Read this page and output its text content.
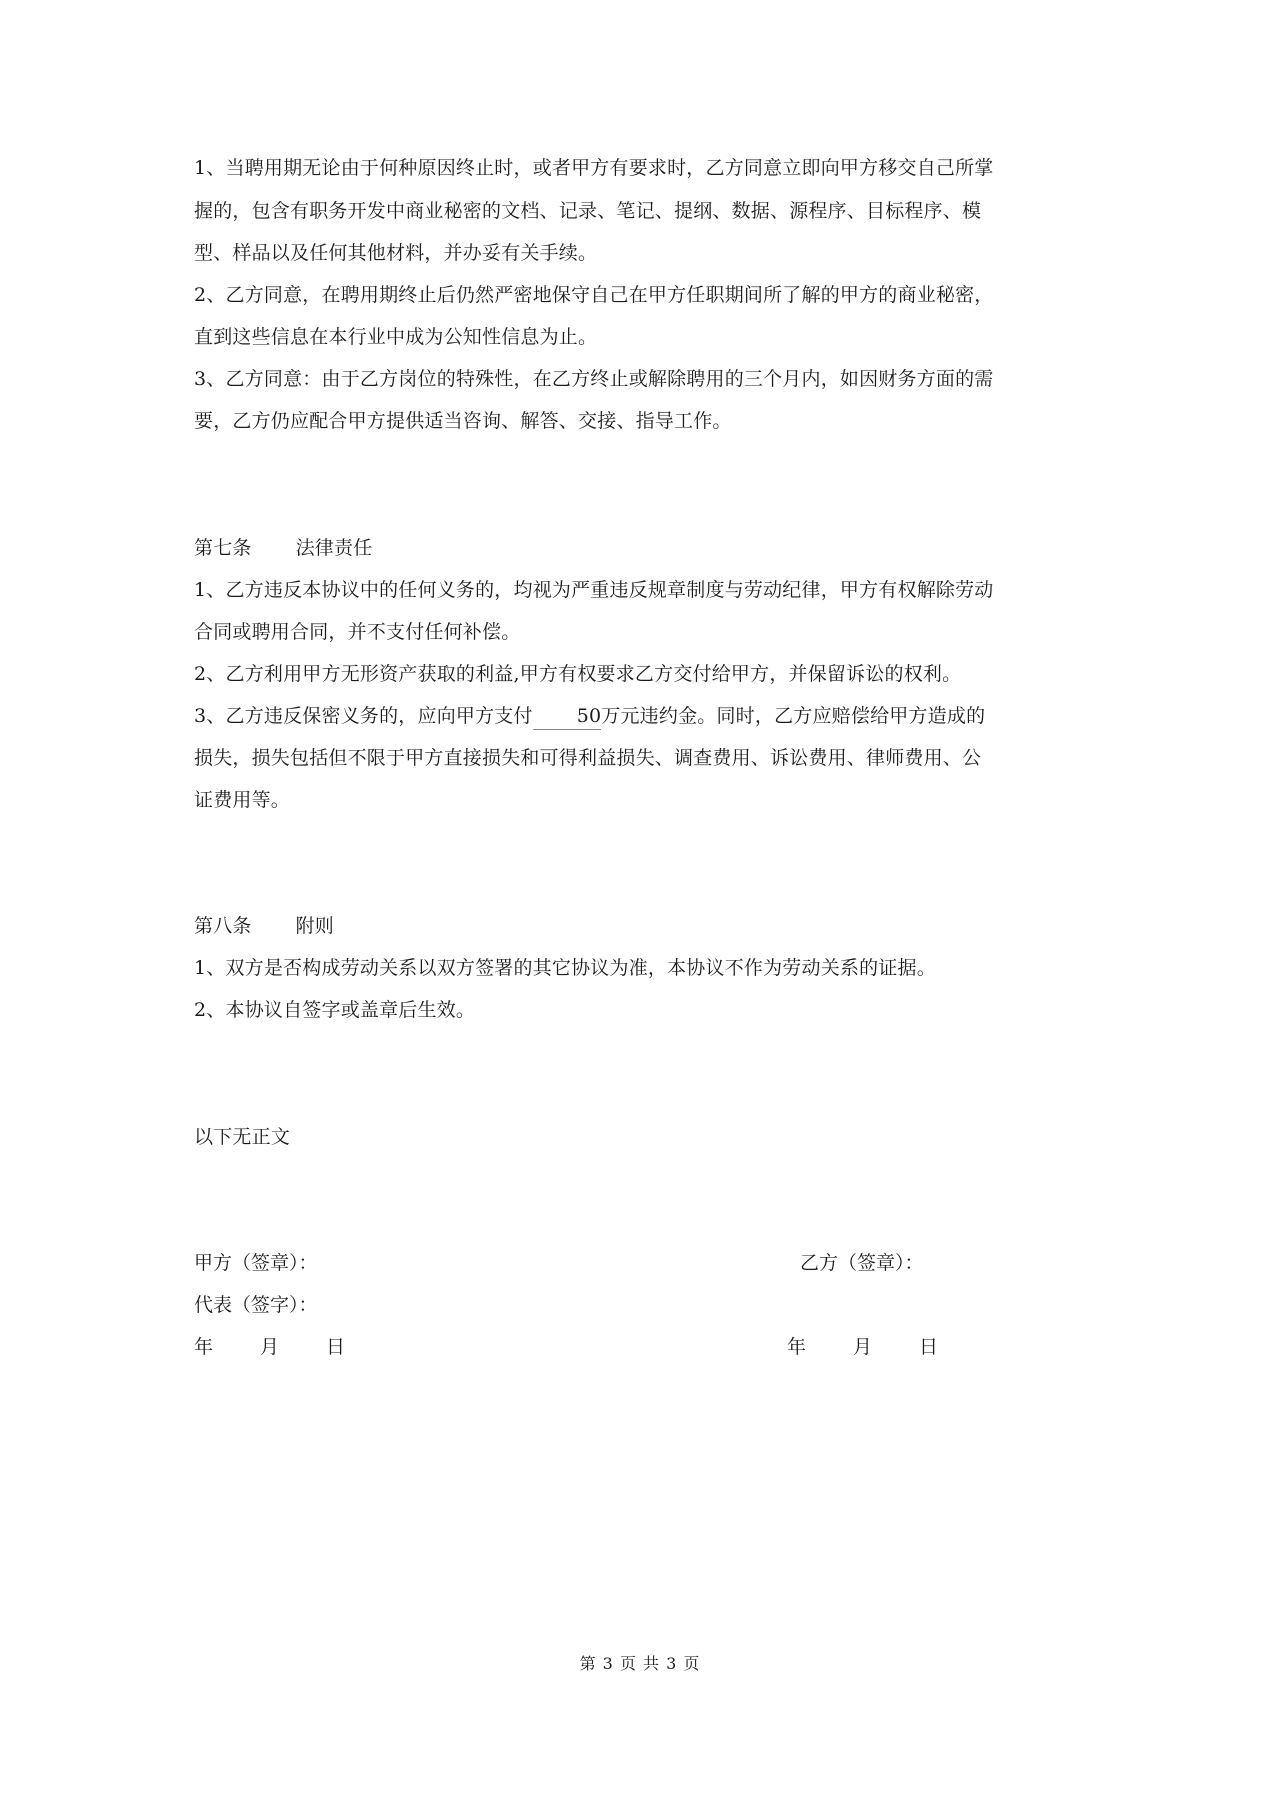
1、当聘用期无论由于何种原因终止时，或者甲方有要求时，乙方同意立即向甲方移交自己所掌
握的，包含有职务开发中商业秘密的文档、记录、笔记、提纲、数据、源程序、目标程序、模
型、样品以及任何其他材料，并办妥有关手续。
2、乙方同意，在聘用期终止后仍然严密地保守自己在甲方任职期间所了解的甲方的商业秘密，
直到这些信息在本行业中成为公知性信息为止。
3、乙方同意：由于乙方岗位的特殊性，在乙方终止或解除聘用的三个月内，如因财务方面的需
要，乙方仍应配合甲方提供适当咨询、解答、交接、指导工作。
第七条 法律责任
1、乙方违反本协议中的任何义务的，均视为严重违反规章制度与劳动纪律，甲方有权解除劳动
合同或聘用合同，并不支付任何补偿。
2、乙方利用甲方无形资产获取的利益,甲方有权要求乙方交付给甲方，并保留诉讼的权利。
3、乙方违反保密义务的，应向甲方支付 50万元违约金。同时，乙方应赔偿给甲方造成的
损失，损失包括但不限于甲方直接损失和可得利益损失、调查费用、诉讼费用、律师费用、公
证费用等。
第八条 附则
1、双方是否构成劳动关系以双方签署的其它协议为准，本协议不作为劳动关系的证据。
2、本协议自签字或盖章后生效。
以下无正文
甲方（签章）：	乙方（签章）：
代表（签字）：
年 月 日	年 月 日
第 3 页 共 3 页
